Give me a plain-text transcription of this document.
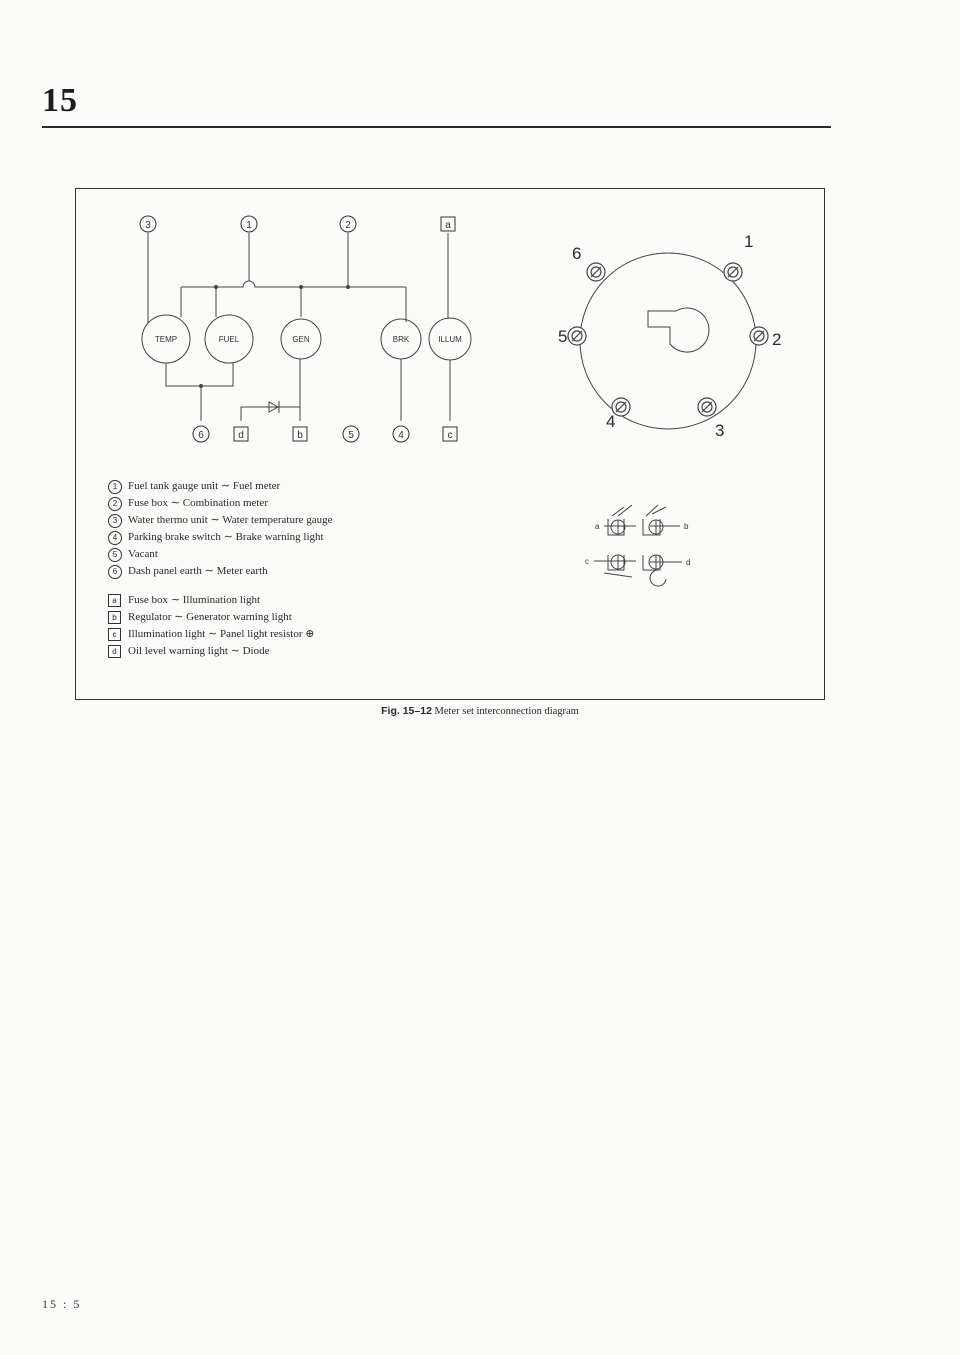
15
3	1	2	a
TEMP	FUEL	GEN	BRK	ILLUM
6	d	b	5	4	c
6
1
5	2
4	3
a	b
c	d
1 Fuel tank gauge unit ∼ Fuel meter
2 Fuse box ∼ Combination meter
3 Water thermo unit ∼ Water temperature gauge
4 Parking brake switch ∼ Brake warning light
5 Vacant
6 Dash panel earth ∼ Meter earth
a	Fuse box ∼ Illumination light
b	Regulator ∼ Generator warning light
c	Illumination light ∼ Panel light resistor ⊕
d	Oil level warning light ∼ Diode
Fig. 15–12 Meter set interconnection diagram
15 : 5
